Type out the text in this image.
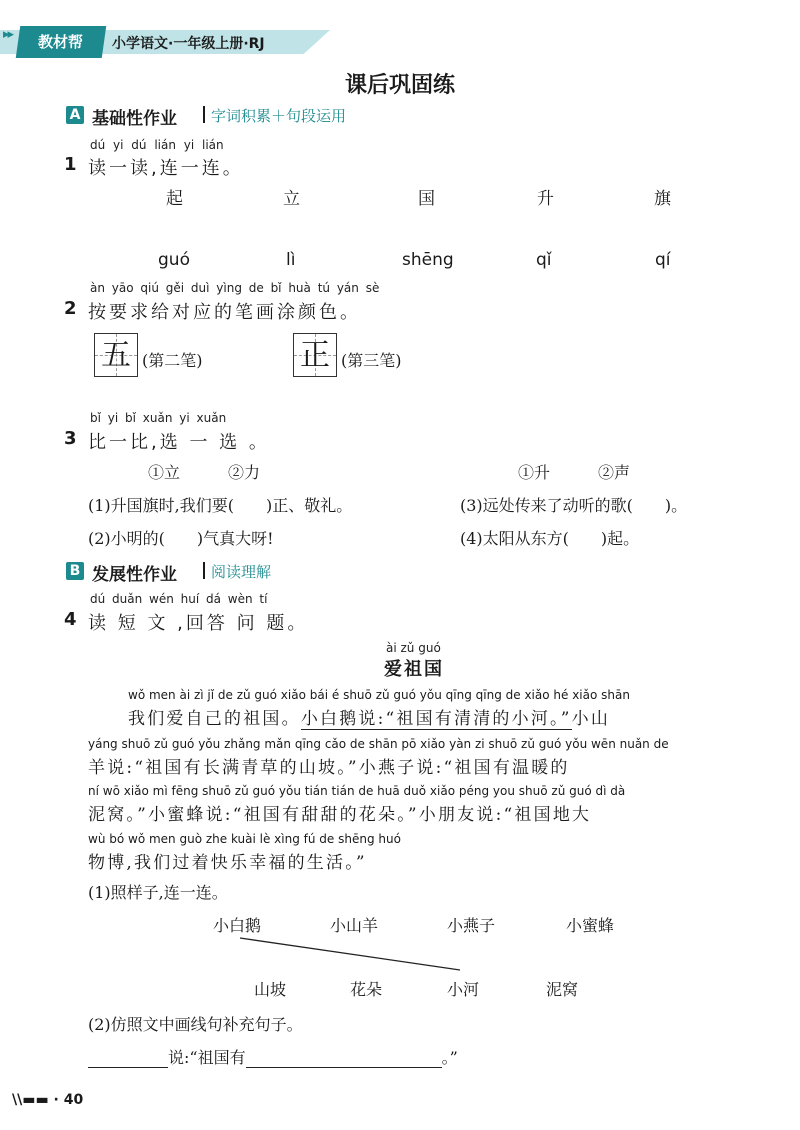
▸▸	教材帮	小学语文·一年级上册·RJ
课后巩固练
A 基础性作业 字词积累＋句段运用
dú yi dú lián yi lián
1 读一读,连一连。
起	立	国	升	旗
guó	lì	shēng	qǐ	qí
àn yāo qiú gěi duì yìng de bǐ huà tú yán sè
2 按要求给对应的笔画涂颜色。
五 (第二笔)	正 (第三笔)
bǐ yi bǐ xuǎn yi xuǎn
3 比一比,选 一 选 。
①立	②力	①升	②声
(1)升国旗时,我们要(　　)正、敬礼。	(3)远处传来了动听的歌(　　)。
(2)小明的(　　)气真大呀!	(4)太阳从东方(　　)起。
B 发展性作业 阅读理解
dú duǎn wén huí dá wèn tí
4 读 短 文 ,回答 问 题。
ài zǔ guó
爱祖国
wǒ men ài zì jǐ de zǔ guó xiǎo bái é shuō zǔ guó yǒu qīng qīng de xiǎo hé xiǎo shān
我们爱自己的祖国。小白鹅说:“祖国有清清的小河。”小山
yáng shuō zǔ guó yǒu zhǎng mǎn qīng cǎo de shān pō xiǎo yàn zi shuō zǔ guó yǒu wēn nuǎn de
羊说:“祖国有长满青草的山坡。”小燕子说:“祖国有温暖的
ní wō xiǎo mì fēng shuō zǔ guó yǒu tián tián de huā duǒ xiǎo péng you shuō zǔ guó dì dà
泥窝。”小蜜蜂说:“祖国有甜甜的花朵。”小朋友说:“祖国地大
wù bó wǒ men guò zhe kuài lè xìng fú de shēng huó
物博,我们过着快乐幸福的生活。”
(1)照样子,连一连。
小白鹅	小山羊	小燕子	小蜜蜂
山坡	花朵	小河	泥窝
(2)仿照文中画线句补充句子。
说:“祖国有	。”
\\▬▬ · 40
